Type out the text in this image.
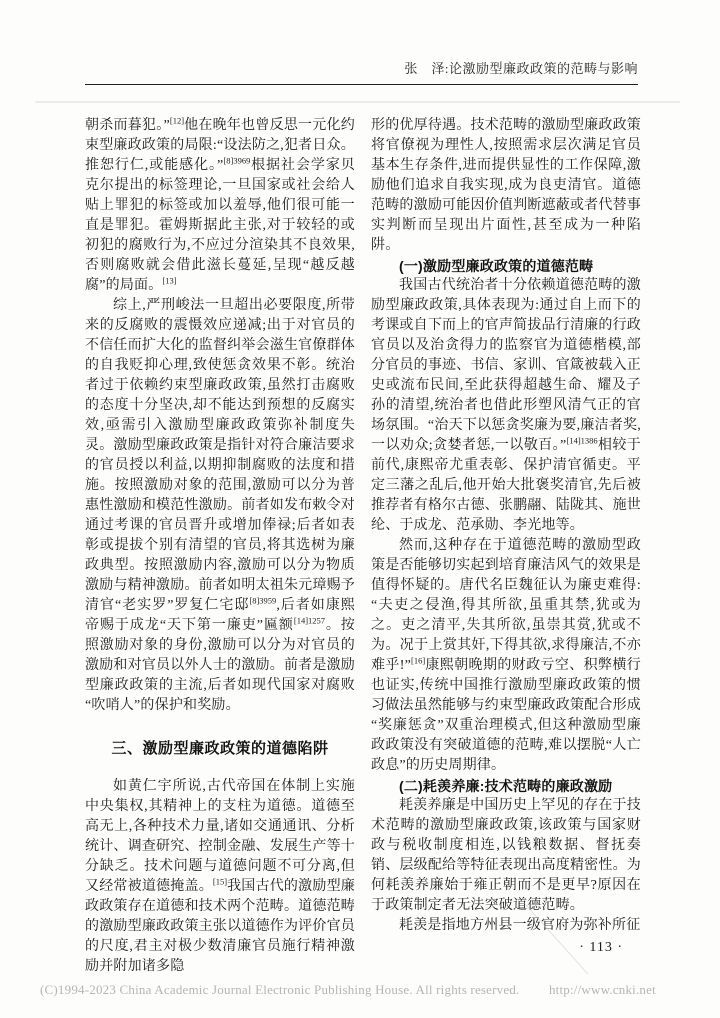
张　泽:论激励型廉政政策的范畴与影响

朝杀而暮犯。”[12]他在晚年也曾反思一元化约束型廉政政策的局限:“设法防之,犯者日众。推恕行仁,或能感化。”$^{[8]3969}$根据社会学家贝克尔提出的标签理论,一旦国家或社会给人贴上罪犯的标签或加以羞辱,他们很可能一直是罪犯。霍姆斯据此主张,对于较轻的或初犯的腐败行为,不应过分渲染其不良效果,否则腐败就会借此滋长蔓延,呈现“越反越腐”的局面。[13]

综上,严刑峻法一旦超出必要限度,所带来的反腐败的震慑效应递减;出于对官员的不信任而扩大化的监督纠举会滋生官僚群体的自我贬抑心理,致使惩贪效果不彰。统治者过于依赖约束型廉政政策,虽然打击腐败的态度十分坚决,却不能达到预想的反腐实效,亟需引入激励型廉政政策弥补制度失灵。激励型廉政政策是指针对符合廉洁要求的官员授以利益,以期抑制腐败的法度和措施。按照激励对象的范围,激励可以分为普惠性激励和模范性激励。前者如发布敕令对通过考课的官员晋升或增加俸禄;后者如表彰或提拔个别有清望的官员,将其选树为廉政典型。按照激励内容,激励可以分为物质激励与精神激励。前者如明太祖朱元璋赐予清官“老实罗”罗复仁宅邸$^{[8]3959}$,后者如康熙帝赐于成龙“天下第一廉吏”匾额$^{[14]1257}$。按照激励对象的身份,激励可以分为对官员的激励和对官员以外人士的激励。前者是激励型廉政政策的主流,后者如现代国家对腐败“吹哨人”的保护和奖励。

三、激励型廉政政策的道德陷阱

如黄仁宇所说,古代帝国在体制上实施中央集权,其精神上的支柱为道德。道德至高无上,各种技术力量,诸如交通通讯、分析统计、调查研究、控制金融、发展生产等十分缺乏。技术问题与道德问题不可分离,但又经常被道德掩盖。[15]我国古代的激励型廉政政策存在道德和技术两个范畴。道德范畴的激励型廉政政策主张以道德作为评价官员的尺度,君主对极少数清廉官员施行精神激励并附加诸多隐

形的优厚待遇。技术范畴的激励型廉政政策将官僚视为理性人,按照需求层次满足官员基本生存条件,进而提供显性的工作保障,激励他们追求自我实现,成为良吏清官。道德范畴的激励可能因价值判断遮蔽或者代替事实判断而呈现出片面性,甚至成为一种陷阱。

(一)激励型廉政政策的道德范畴

我国古代统治者十分依赖道德范畴的激励型廉政政策,具体表现为:通过自上而下的考课或自下而上的官声简拔品行清廉的行政官员以及治贪得力的监察官为道德楷模,部分官员的事迹、书信、家训、官箴被载入正史或流布民间,至此获得超越生命、耀及子孙的清望,统治者也借此形塑风清气正的官场氛围。“治天下以惩贪奖廉为要,廉洁者奖,一以劝众;贪婪者惩,一以敬百。”$^{[14]1386}$相较于前代,康熙帝尤重表彰、保护清官循吏。平定三藩之乱后,他开始大批褒奖清官,先后被推荐者有格尔古德、张鹏翮、陆陇其、施世纶、于成龙、范承勋、李光地等。

然而,这种存在于道德范畴的激励型政策是否能够切实起到培育廉洁风气的效果是值得怀疑的。唐代名臣魏征认为廉吏难得:“夫吏之侵渔,得其所欲,虽重其禁,犹或为之。吏之清平,失其所欲,虽崇其赏,犹或不为。况于上赏其奸,下得其欲,求得廉洁,不亦难乎!”[16]康熙朝晚期的财政亏空、积弊横行也证实,传统中国推行激励型廉政政策的惯习做法虽然能够与约束型廉政政策配合形成“奖廉惩贪”双重治理模式,但这种激励型廉政政策没有突破道德的范畴,难以摆脱“人亡政息”的历史周期律。

(二)耗羡养廉:技术范畴的廉政激励

耗羡养廉是中国历史上罕见的存在于技术范畴的激励型廉政政策,该政策与国家财政与税收制度相连,以钱粮数据、督抚奏销、层级配给等特征表现出高度精密性。为何耗羡养廉始于雍正朝而不是更早?原因在于政策制定者无法突破道德范畴。

耗羡是指地方州县一级官府为弥补所征

· 113 ·
(C)1994-2023 China Academic Journal Electronic Publishing House. All rights reserved. http://www.cnki.net
